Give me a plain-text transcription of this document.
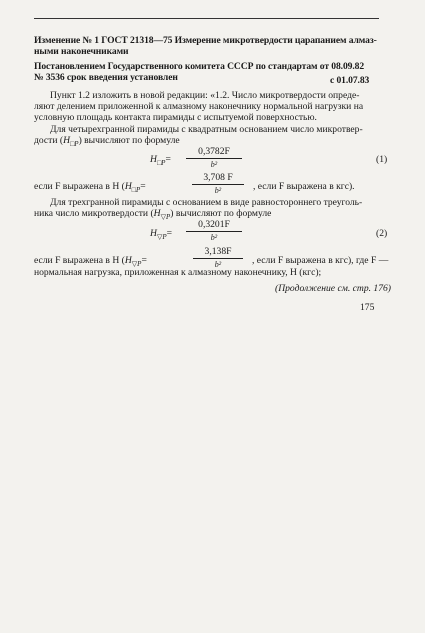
Изменение № 1 ГОСТ 21318—75 Измерение микротвердости царапанием алмаз-
ными наконечниками
Постановлением Государственного комитета СССР по стандартам от 08.09.82
№ 3536 срок введения установлен	с 01.07.83
Пункт 1.2 изложить в новой редакции: «1.2. Число микротвердости опреде-
ляют делением приложенной к алмазному наконечнику нормальной нагрузки на
условную площадь контакта пирамиды с испытуемой поверхностью.
Для четырехгранной пирамиды с квадратным основанием число микротвер-
дости $(H_{□P})$ вычисляют по формуле
$H_{□P}=$
0,3782F
b²	(1)
если F выражена в Н ($H_{□P}=$
3,708 F
b²	, если F выражена в кгс).
Для трехгранной пирамиды с основанием в виде равностороннего треуголь-
ника число микротвердости $(H_{▽P})$ вычисляют по формуле
$H_{▽P}=$
0,3201F
b²	(2)
если F выражена в Н ($H_{▽P}=$
3,138F
b²	, если F выражена в кгс), где F —
нормальная нагрузка, приложенная к алмазному наконечнику, Н (кгс);
(Продолжение см. стр. 176)
175
